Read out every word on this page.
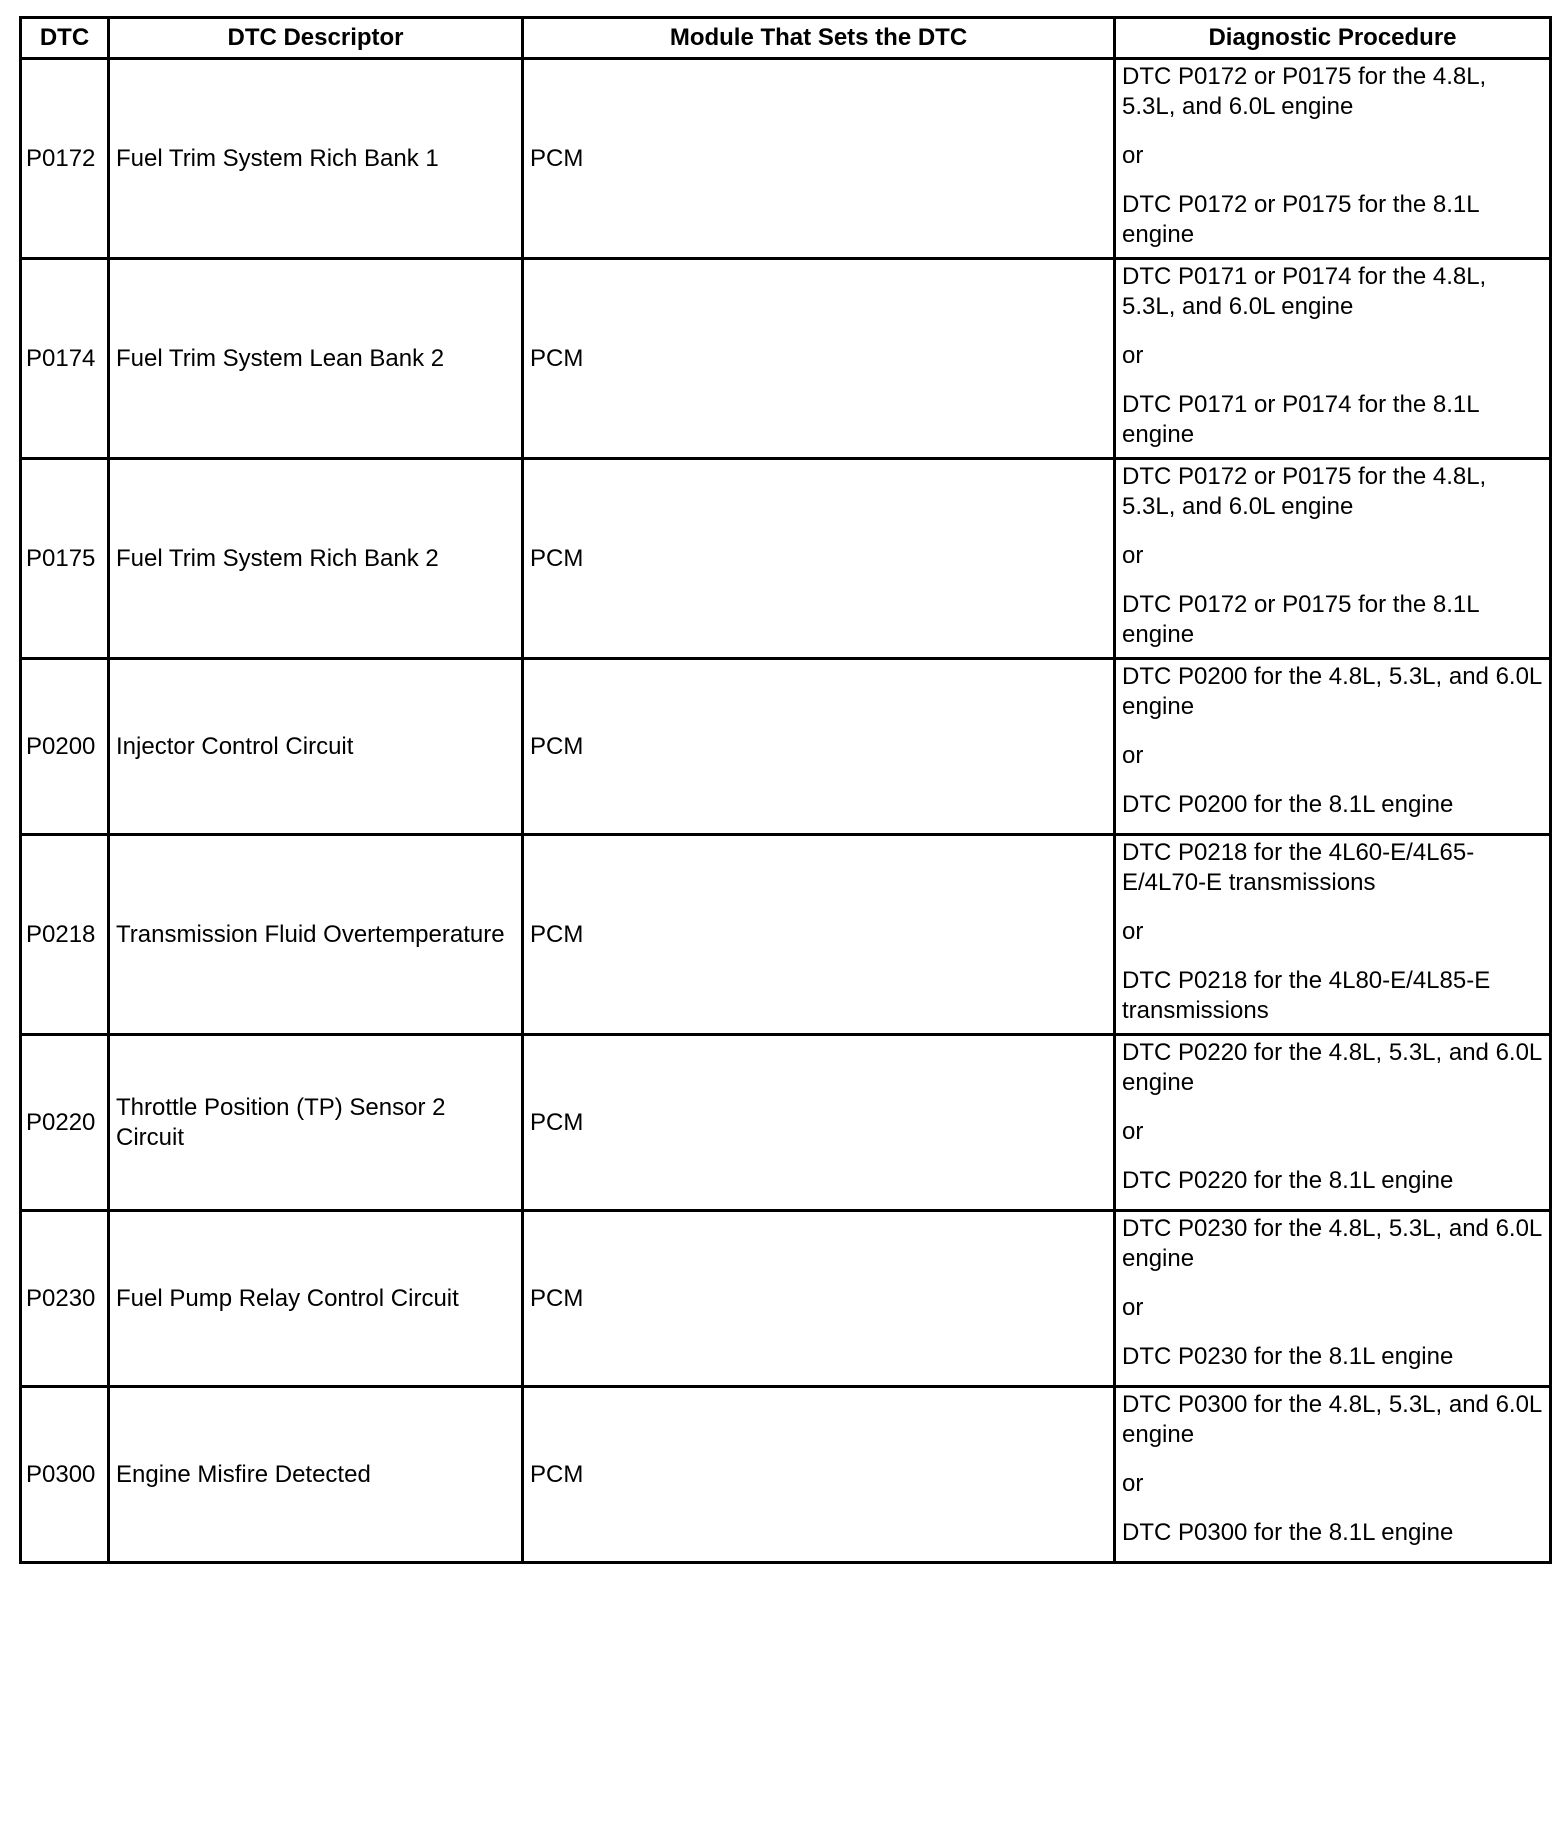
DTC	DTC Descriptor	Module That Sets the DTC	Diagnostic Procedure
P0172	Fuel Trim System Rich Bank 1	PCM	DTC P0172 or P0175 for the 4.8L, 5.3L, and 6.0L engine
or
DTC P0172 or P0175 for the 8.1L engine

P0174	Fuel Trim System Lean Bank 2	PCM	DTC P0171 or P0174 for the 4.8L, 5.3L, and 6.0L engine
or
DTC P0171 or P0174 for the 8.1L engine

P0175	Fuel Trim System Rich Bank 2	PCM	DTC P0172 or P0175 for the 4.8L, 5.3L, and 6.0L engine
or
DTC P0172 or P0175 for the 8.1L engine

P0200	Injector Control Circuit	PCM	DTC P0200 for the 4.8L, 5.3L, and 6.0L engine
or
DTC P0200 for the 8.1L engine

P0218	Transmission Fluid Overtemperature	PCM	DTC P0218 for the 4L60-E/4L65-E/4L70-E transmissions
or
DTC P0218 for the 4L80-E/4L85-E transmissions

P0220	Throttle Position (TP) Sensor 2 Circuit	PCM	DTC P0220 for the 4.8L, 5.3L, and 6.0L engine
or
DTC P0220 for the 8.1L engine

P0230	Fuel Pump Relay Control Circuit	PCM	DTC P0230 for the 4.8L, 5.3L, and 6.0L engine
or
DTC P0230 for the 8.1L engine

P0300	Engine Misfire Detected	PCM	DTC P0300 for the 4.8L, 5.3L, and 6.0L engine
or
DTC P0300 for the 8.1L engine
